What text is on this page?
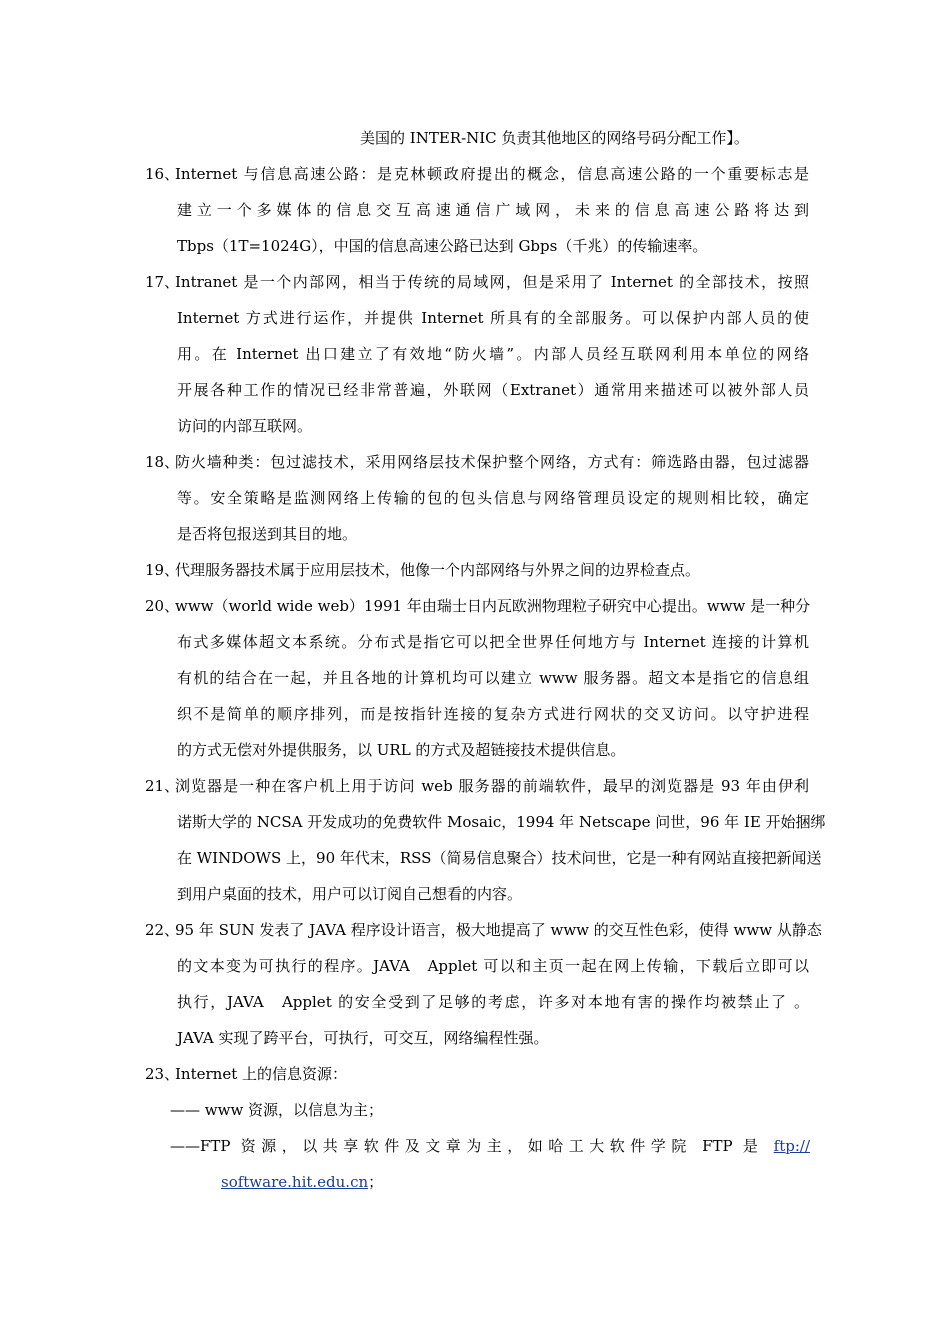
美国的 INTER-NIC 负责其他地区的网络号码分配工作】。
16、
Internet 与信息高速公路：是克林顿政府提出的概念，信息高速公路的一个重要标志是
建立一个多媒体的信息交互高速通信广域网，未来的信息高速公路将达到
Tbps（1T=1024G），中国的信息高速公路已达到 Gbps（千兆）的传输速率。
17、
Intranet 是一个内部网，相当于传统的局域网，但是采用了 Internet 的全部技术，按照
Internet 方式进行运作，并提供 Internet 所具有的全部服务。可以保护内部人员的使
用。在 Internet 出口建立了有效地“防火墙”。内部人员经互联网利用本单位的网络
开展各种工作的情况已经非常普遍，外联网（Extranet）通常用来描述可以被外部人员
访问的内部互联网。
18、
防火墙种类：包过滤技术，采用网络层技术保护整个网络，方式有：筛选路由器，包过滤器
等。安全策略是监测网络上传输的包的包头信息与网络管理员设定的规则相比较，确定
是否将包报送到其目的地。
19、
代理服务器技术属于应用层技术，他像一个内部网络与外界之间的边界检查点。
20、
www（world wide web）1991 年由瑞士日内瓦欧洲物理粒子研究中心提出。www 是一种分
布式多媒体超文本系统。分布式是指它可以把全世界任何地方与 Internet 连接的计算机
有机的结合在一起，并且各地的计算机均可以建立 www 服务器。超文本是指它的信息组
织不是简单的顺序排列，而是按指针连接的复杂方式进行网状的交叉访问。以守护进程
的方式无偿对外提供服务，以 URL 的方式及超链接技术提供信息。
21、
浏览器是一种在客户机上用于访问 web 服务器的前端软件，最早的浏览器是 93 年由伊利
诺斯大学的 NCSA 开发成功的免费软件 Mosaic，1994 年 Netscape 问世，96 年 IE 开始捆绑
在 WINDOWS 上，90 年代末，RSS（简易信息聚合）技术问世，它是一种有网站直接把新闻送
到用户桌面的技术，用户可以订阅自己想看的内容。
22、
95 年 SUN 发表了 JAVA 程序设计语言，极大地提高了 www 的交互性色彩，使得 www 从静态
的文本变为可执行的程序。JAVA　Applet 可以和主页一起在网上传输，下载后立即可以
执行，JAVA　Applet 的安全受到了足够的考虑，许多对本地有害的操作均被禁止了 。
JAVA 实现了跨平台，可执行，可交互，网络编程性强。
23、
Internet 上的信息资源：
—— www 资源，以信息为主；
——FTP 资源，以共享软件及文章为主，如哈工大软件学院 FTP 是 ftp://
software.hit.edu.cn；
